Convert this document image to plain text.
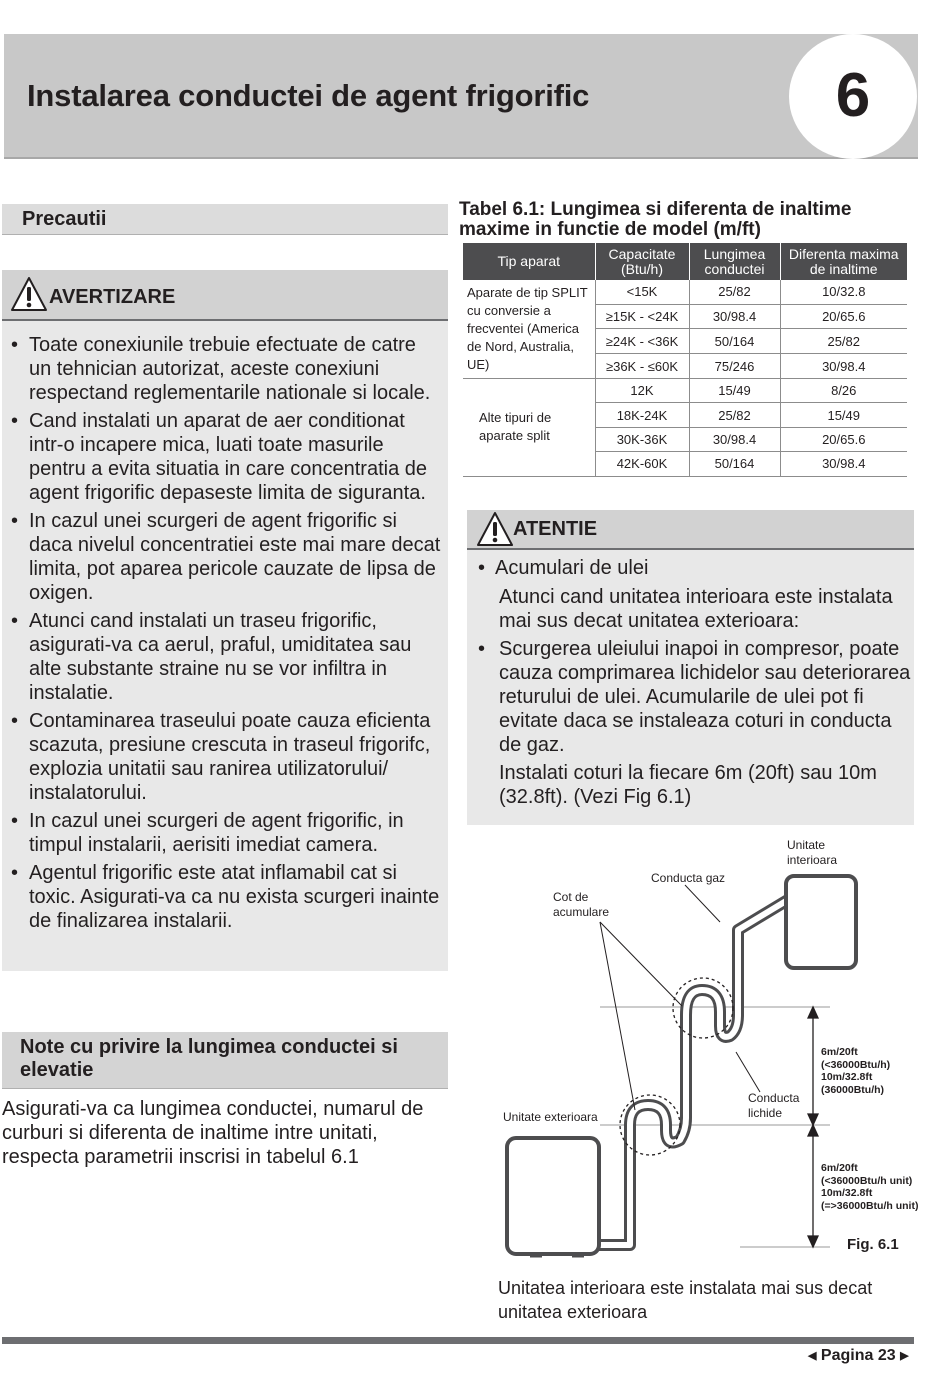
Instalarea conductei de agent frigorific	6
Precautii
AVERTIZARE
• Toate conexiunile trebuie efectuate de catre un tehnician autorizat, aceste conexiuni respectand reglementarile nationale si locale.
• Cand instalati un aparat de aer conditionat intr-o incapere mica, luati toate masurile pentru a evita situatia in care concentratia de agent frigorific depaseste limita de siguranta.
• In cazul unei scurgeri de agent frigorific si daca nivelul concentratiei este mai mare decat limita, pot aparea pericole cauzate de lipsa de oxigen.
• Atunci cand instalati un traseu frigorific, asigurati-va ca aerul, praful, umiditatea sau alte substante straine nu se vor infiltra in instalatie.
• Contaminarea traseului poate cauza eficienta scazuta, presiune crescuta in traseul frigorifc, explozia unitatii sau ranirea utilizatorului/ instalatorului.
• In cazul unei scurgeri de agent frigorific, in timpul instalarii, aerisiti imediat camera.
• Agentul frigorific este atat inflamabil cat si toxic. Asigurati-va ca nu exista scurgeri inainte de finalizarea instalarii.
Note cu privire la lungimea conductei si elevatie
Asigurati-va ca lungimea conductei, numarul de curburi si diferenta de inaltime intre unitati, respecta parametrii inscrisi in tabelul 6.1
Tabel 6.1: Lungimea si diferenta de inaltime maxime in functie de model (m/ft)
Tip aparat	Capacitate (Btu/h)	Lungimea conductei	Diferenta maxima de inaltime
Aparate de tip SPLIT cu conversie a frecventei (America de Nord, Australia, UE)	<15K	25/82	10/32.8
	≥15K - <24K	30/98.4	20/65.6
	≥24K - <36K	50/164	25/82
	≥36K - ≤60K	75/246	30/98.4

Alte tipuri de aparate split	12K	15/49	8/26
	18K-24K	25/82	15/49
	30K-36K	30/98.4	20/65.6
	42K-60K	50/164	30/98.4
ATENTIE
•  Acumulari de ulei
Atunci cand unitatea interioara este instalata mai sus decat unitatea exterioara:
• Scurgerea uleiului inapoi in compresor, poate cauza comprimarea lichidelor sau deteriorarea returului de ulei. Acumularile de ulei pot fi evitate daca se instaleaza coturi in conducta de gaz.
Instalati coturi la fiecare 6m (20ft) sau 10m (32.8ft). (Vezi Fig 6.1)
Unitate interioara
Conducta gaz
Cot de acumulare
Conducta lichide
Unitate exterioara
6m/20ft (<36000Btu/h) 10m/32.8ft (36000Btu/h)
6m/20ft (<36000Btu/h unit) 10m/32.8ft (=>36000Btu/h unit)
Fig. 6.1
Unitatea interioara este instalata mai sus decat unitatea exterioara
◀ Pagina 23 ▶
